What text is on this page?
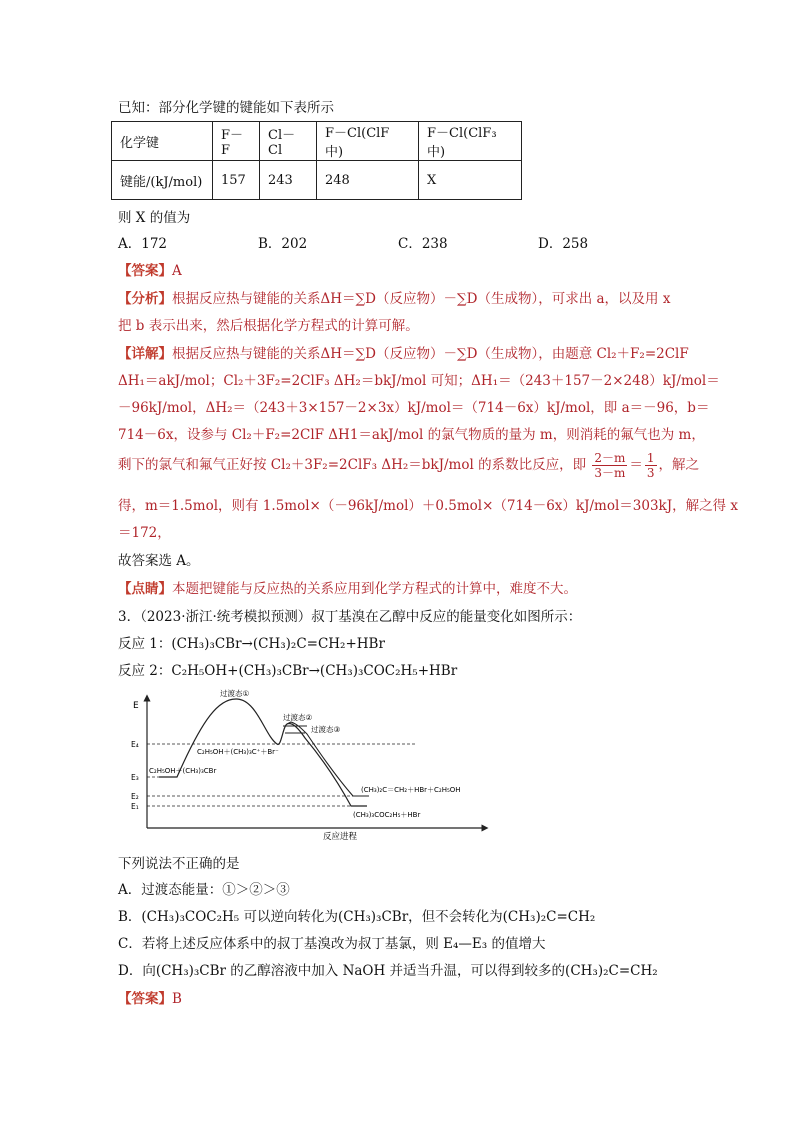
已知：部分化学键的键能如下表所示
化学键	F－F	Cl－Cl	F－Cl(ClF 中)	F－Cl(ClF₃中)
键能/(kJ/mol)	157	243	248	X
则 X 的值为
A．172	B．202	C．238	D．258
【答案】A
【分析】根据反应热与键能的关系ΔH＝∑D（反应物）－∑D（生成物），可求出 a，以及用 x
把 b 表示出来，然后根据化学方程式的计算可解。
【详解】根据反应热与键能的关系ΔH＝∑D（反应物）－∑D（生成物），由题意 Cl₂＋F₂=2ClF
ΔH₁＝akJ/mol；Cl₂＋3F₂=2ClF₃ ΔH₂＝bkJ/mol 可知；ΔH₁＝（243＋157－2×248）kJ/mol＝
－96kJ/mol，ΔH₂＝（243＋3×157－2×3x）kJ/mol＝（714－6x）kJ/mol，即 a＝－96，b＝
714－6x，设参与 Cl₂＋F₂=2ClF ΔH1＝akJ/mol 的氯气物质的量为 m，则消耗的氟气也为 m，
剩下的氯气和氟气正好按 Cl₂＋3F₂=2ClF₃ ΔH₂＝bkJ/mol 的系数比反应，即 $\frac{2-m}{3-m} = \frac{1}{3}$ ，解之
得，m＝1.5mol，则有 1.5mol×（－96kJ/mol）＋0.5mol×（714－6x）kJ/mol＝303kJ，解之得 x
＝172，
故答案选 A。
【点睛】本题把键能与反应热的关系应用到化学方程式的计算中，难度不大。
3．（2023·浙江·统考模拟预测）叔丁基溴在乙醇中反应的能量变化如图所示：
反应 1：(CH₃)₃CBr→(CH₃)₂C=CH₂+HBr
反应 2：C₂H₅OH+(CH₃)₃CBr→(CH₃)₃COC₂H₅+HBr
E
反应进程
E₄
E₃
E₂
E₁
过渡态①
过渡态②
过渡态③
C₂H₅OH＋(CH₃)₃C⁺＋Br⁻
C₂H₅OH＋(CH₃)₃CBr
(CH₃)₂C＝CH₂＋HBr＋C₂H₅OH
(CH₃)₃COC₂H₅＋HBr
下列说法不正确的是
A．过渡态能量：①＞②＞③
B．(CH₃)₃COC₂H₅ 可以逆向转化为(CH₃)₃CBr，但不会转化为(CH₃)₂C=CH₂
C．若将上述反应体系中的叔丁基溴改为叔丁基氯，则 E₄—E₃ 的值增大
D．向(CH₃)₃CBr 的乙醇溶液中加入 NaOH 并适当升温，可以得到较多的(CH₃)₂C=CH₂
【答案】B
